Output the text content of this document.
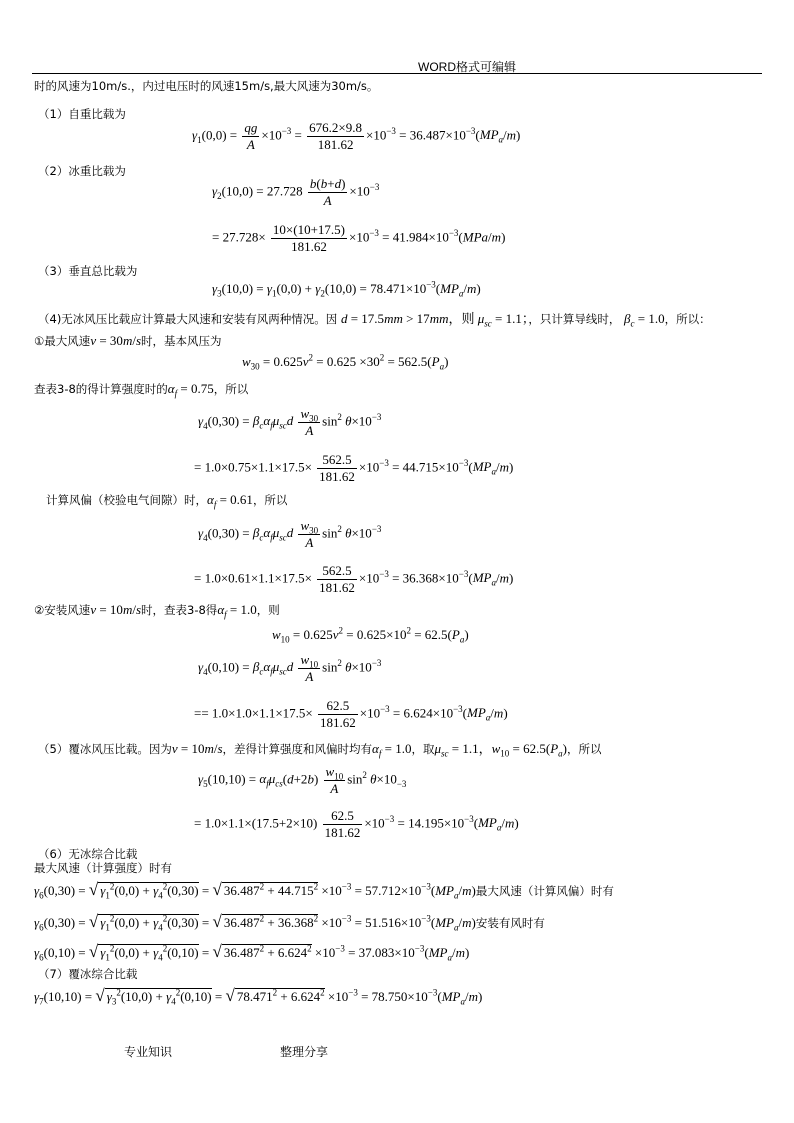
WORD格式可编辑
时的风速为10m/s.，内过电压时的风速15m/s,最大风速为30m/s。
（1）自重比载为
$\gamma_1(0,0) = \frac{qg}{A} \times 10^{-3} = \frac{676.2\times 9.8}{181.62} \times 10^{-3} = 36.487\times 10^{-3}(MP_a/m)$
（2）冰重比载为
$\gamma_2(10,0) = 27.728 \frac{b(b+d)}{A} \times 10^{-3}$
= $27.728\times \frac{10\times(10+17.5)}{181.62} \times 10^{-3} = 41.984\times 10^{-3}(MPa/m)$
（3）垂直总比载为
$\gamma_3(10,0) = \gamma_1(0,0) + \gamma_2(10,0) = 78.471\times 10^{-3}(MP_a/m)$
（4)无冰风压比载应计算最大风速和安装有风两种情况。因 d = 17.5mm > 17mm，则 $\mu_{sc} = 1.1$；，只计算导线时， $\beta_c = 1.0$，所以：
①最大风速ν = 30m/s时，基本风压为
$w_{30} = 0.625\nu^2 = 0.625 \times 30^2 = 562.5(P_a)$
查表3-8的得计算强度时的$\alpha_f = 0.75$，所以
$\gamma_4(0,30) = \beta_c\alpha_f\mu_{sc}d \frac{w_{30}}{A} \sin^2 \theta\times 10^{-3}$
= $1.0\times 0.75\times 1.1\times 17.5\times \frac{562.5}{181.62} \times 10^{-3} = 44.715\times 10^{-3}(MP_a/m)$
计算风偏（校验电气间隙）时，$\alpha_f = 0.61$，所以
$\gamma_4(0,30) = \beta_c\alpha_f\mu_{sc}d \frac{w_{30}}{A} \sin^2 \theta\times 10^{-3}$
= $1.0\times 0.61\times 1.1\times 17.5\times \frac{562.5}{181.62} \times 10^{-3} = 36.368\times 10^{-3}(MP_a/m)$
②安装风速ν = 10m/s时，查表3-8得$\alpha_f = 1.0$，则
$w_{10} = 0.625\nu^2 = 0.625\times 10^2 = 62.5(P_a)$
$\gamma_4(0,10) = \beta_c\alpha_f\mu_{sc}d \frac{w_{10}}{A} \sin^2 \theta\times 10^{-3}$
== $1.0\times 1.0\times 1.1\times 17.5\times \frac{62.5}{181.62} \times 10^{-3} = 6.624\times 10^{-3}(MP_a/m)$
（5）覆冰风压比载。因为ν = 10m/s，差得计算强度和风偏时均有$\alpha_f = 1.0$，取$\mu_{sc} = 1.1$，$w_{10} = 62.5(P_a)$，所以
$\gamma_5(10,10) = \alpha_f\mu_{cs}(d+2b) \frac{w_{10}}{A} \sin^2 \theta\times 10_{-3}$
= $1.0\times 1.1\times(17.5+2\times 10) \frac{62.5}{181.62} \times 10^{-3} = 14.195\times 10^{-3}(MP_a/m)$
（6）无冰综合比载
最大风速（计算强度）时有
$\gamma_6(0,30)$ = √ $\gamma_1^2(0,0) + \gamma_4^2(0,30)$ = √ $36.487^2 + 44.715^2 \times 10^{-3} = 57.712\times 10^{-3}(MP_a/m)$最大风速（计算风偏）时有
$\gamma_6(0,30)$ = √ $\gamma_1^2(0,0) + \gamma_4^2(0,30)$ = √ $36.487^2 + 36.368^2 \times 10^{-3} = 51.516\times 10^{-3}(MP_a/m)$安装有风时有
$\gamma_6(0,10)$ = √ $\gamma_1^2(0,0) + \gamma_4^2(0,10)$ = √ $36.487^2 + 6.624^2 \times 10^{-3} = 37.083\times 10^{-3}(MP_a/m)$
（7）覆冰综合比载
$\gamma_7(10,10)$ = √ $\gamma_3^2(10,0) + \gamma_4^2(0,10)$ = √ $78.471^2 + 6.624^2 \times 10^{-3} = 78.750\times 10^{-3}(MP_a/m)$
专业知识	整理分享
